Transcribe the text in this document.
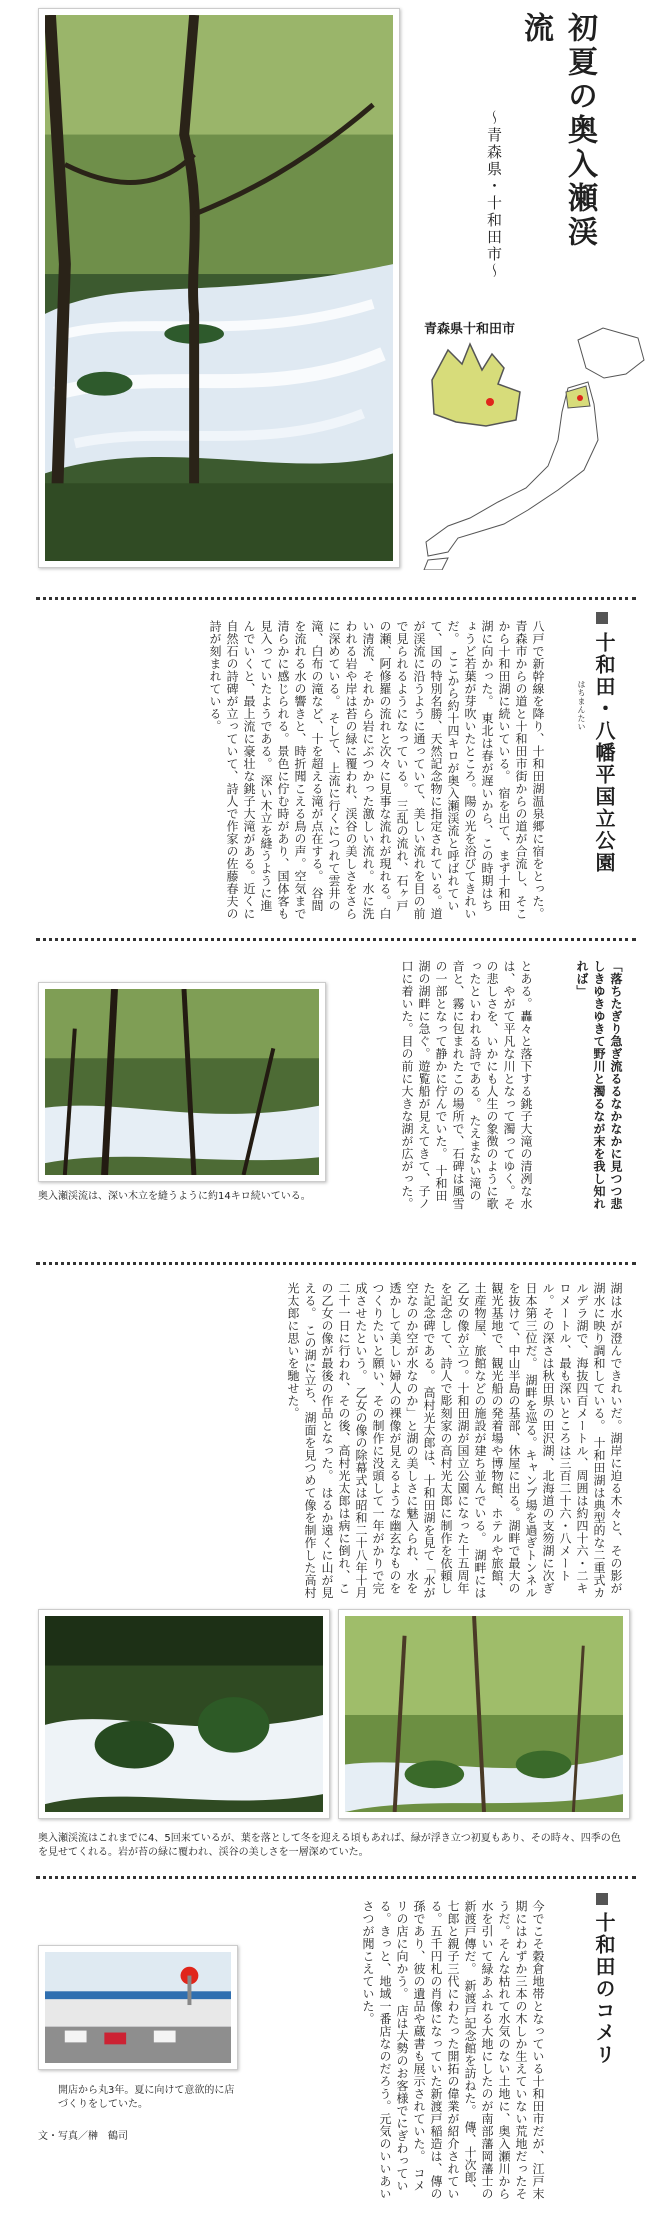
初夏の奥入瀬渓流
〜青森県・十和田市〜
青森県十和田市
十和田・八幡平国立公園
はちまんたい
八戸で新幹線を降り、十和田湖温泉郷に宿をとった。青森市からの道と十和田市街からの道が合流し、そこから十和田湖に続いている。 宿を出て、まず十和田湖に向かった。 東北は春が遅いから、この時期はちょうど若葉が芽吹いたところ。陽の光を浴びてきれいだ。 ここから約十四キロが奥入瀬渓流と呼ばれていて、国の特別名勝、天然記念物に指定されている。道が渓流に沿うように通っていて、美しい流れを目の前で見られるようになっている。 三乱の流れ、石ヶ戸の瀬、阿修羅の流れと次々に見事な流れが現れる。白い清流、それから岩にぶつかった激しい流れ。水に洗われる岩や岸は苔の緑に覆われ、渓谷の美しさをさらに深めている。 そして、上流に行くにつれて雲井の滝、白布の滝など、十を超える滝が点在する。 谷間を流れる水の響きと、時折聞こえる鳥の声。空気まで清らかに感じられる。景色に佇む時があり、国体客も見入っていたようである。 深い木立を縫うように進んでいくと、最上流に豪壮な銚子大滝がある。近くに自然石の詩碑が立っていて、詩人で作家の佐藤春夫の詩が刻まれている。
奥入瀬渓流は、深い木立を縫うように約14キロ続いている。	「落ちたぎり急ぎ流るるなかなかに見つつ悲しきゆきゆきて野川と濁るなが末を我し知れれば」
とある。轟々と落下する銚子大滝の清冽な水は、やがて平凡な川となって濁ってゆく。その悲しさを、いかにも人生の象徴のように歌ったといわれる詩である。 たえまない滝の音と、霧に包まれたこの場所で、石碑は風雪の一部となって静かに佇んでいた。 十和田湖の湖畔に急ぐ。遊覧船が見えてきて、子ノ口に着いた。目の前に大きな湖が広がった。
湖は水が澄んできれいだ。湖岸に迫る木々と、その影が湖水に映り調和している。 十和田湖は典型的な二重式カルデラ湖で、海抜四百メートル、周囲は約四十六・二キロメートル、最も深いところは三百二十六・八メートル。その深さは秋田県の田沢湖、北海道の支笏湖に次ぎ日本第三位だ。 湖畔を巡る。キャンプ場を過ぎトンネルを抜けて、中山半島の基部、休屋に出る。湖畔で最大の観光基地で、観光船の発着場や博物館、ホテルや旅館、土産物屋、旅館などの施設が建ち並んでいる。 湖畔には乙女の像が立つ。十和田湖が国立公園になった十五周年を記念して、詩人で彫刻家の高村光太郎に制作を依頼した記念碑である。 高村光太郎は、十和田湖を見て「水が空なのか空が水なのか」と湖の美しさに魅入られ、水を透かして美しい婦人の裸像が見えるような幽玄なものをつくりたいと願い、その制作に没頭して一年がかりで完成させたという。 乙女の像の除幕式は昭和二十八年十月二十一日に行われ、その後、高村光太郎は病に倒れ、この乙女の像が最後の作品となった。 はるか遠くに山が見える。 この湖に立ち、湖面を見つめて像を制作した高村光太郎に思いを馳せた。
奥入瀬渓流はこれまでに4、5回来ているが、葉を落として冬を迎える頃もあれば、緑が浮き立つ初夏もあり、その時々、四季の色を見せてくれる。岩が苔の緑に覆われ、渓谷の美しさを一層深めていた。
十和田のコメリ
今でこそ穀倉地帯となっている十和田市だが、江戸末期にはわずか三本の木しか生えていない荒地だったそうだ。そんな枯れて水気のない土地に、奥入瀬川から水を引いて緑あふれる大地にしたのが南部藩岡藩士の新渡戸傳だ。 新渡戸記念館を訪ねた。 傳、十次郎、七郎と親子三代にわたった開拓の偉業が紹介されている。五千円札の肖像になっていた新渡戸稲造は、傳の孫であり、彼の遺品や蔵書も展示されていた。 コメリの店に向かう。 店は大勢のお客様でにぎわっている。きっと、地域一番店なのだろう。元気のいいあいさつが聞こえていた。
開店から丸3年。夏に向けて意欲的に店づくりをしていた。
文・写真／榊　鶴司
